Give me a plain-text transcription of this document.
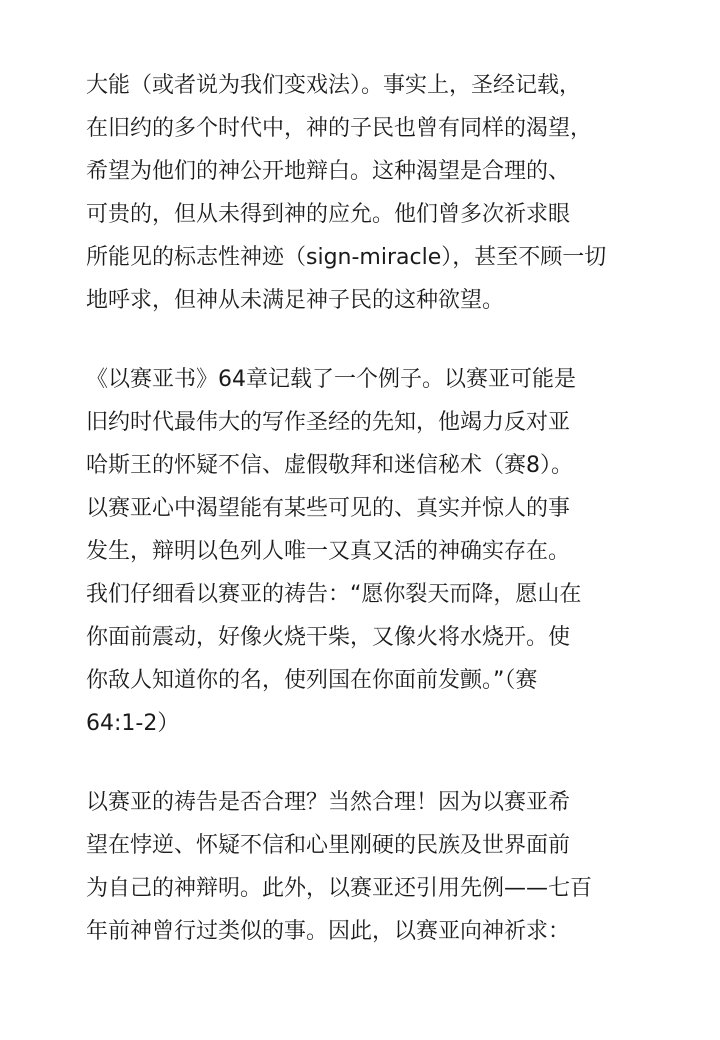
大能（或者说为我们变戏法）。事实上，圣经记载，
在旧约的多个时代中，神的子民也曾有同样的渴望，
希望为他们的神公开地辩白。这种渴望是合理的、
可贵的，但从未得到神的应允。他们曾多次祈求眼
所能见的标志性神迹（sign-miracle），甚至不顾一切
地呼求，但神从未满足神子民的这种欲望。
《以赛亚书》64章记载了一个例子。以赛亚可能是
旧约时代最伟大的写作圣经的先知，他竭力反对亚
哈斯王的怀疑不信、虚假敬拜和迷信秘术（赛8）。
以赛亚心中渴望能有某些可见的、真实并惊人的事
发生，辩明以色列人唯一又真又活的神确实存在。
我们仔细看以赛亚的祷告：“愿你裂天而降，愿山在
你面前震动，好像火烧干柴，又像火将水烧开。使
你敌人知道你的名，使列国在你面前发颤。”（赛
64:1-2）
以赛亚的祷告是否合理？当然合理！因为以赛亚希
望在悖逆、怀疑不信和心里刚硬的民族及世界面前
为自己的神辩明。此外，以赛亚还引用先例——七百
年前神曾行过类似的事。因此，以赛亚向神祈求：
